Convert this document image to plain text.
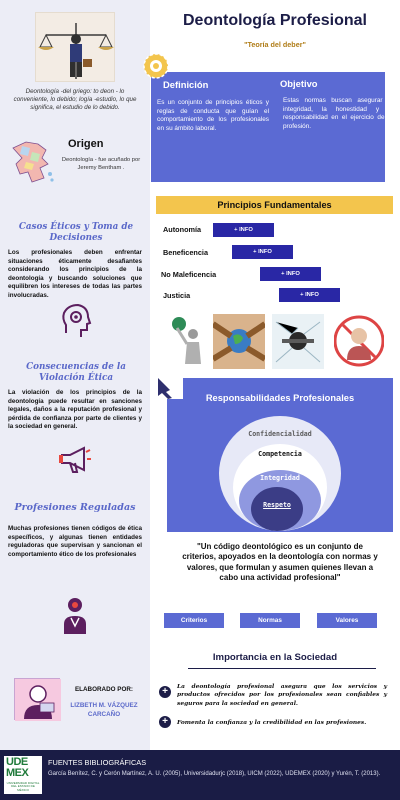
Deontología -del griego: to deon - lo conveniente, lo debido; logía -estudio, lo que significa, el estudio de lo debido.
Origen
Deontología - fue acuñado por Jeremy Bentham .
Casos Éticos y Toma de Decisiones
Los profesionales deben enfrentar situaciones éticamente desafiantes considerando los principios de la deontología y buscando soluciones que equilibren los intereses de todas las partes involucradas.
Consecuencias de la Violación Ética
La violación de los principios de la deontología puede resultar en sanciones legales, daños a la reputación profesional y pérdida de confianza por parte de clientes y la sociedad en general.
Profesiones Reguladas
Muchas profesiones tienen códigos de ética específicos, y algunas tienen entidades reguladoras que supervisan y sancionan el comportamiento ético de los profesionales
ELABORADO POR:
LIZBETH M. VÁZQUEZ CARCAÑO
Deontología Profesional
"Teoría del deber"
Definición
Es un conjunto de principios éticos y reglas de conducta que guían el comportamiento de los profesionales en su ámbito laboral.
Objetivo
Estas normas buscan asegurar la integridad, la honestidad y la responsabilidad en el ejercicio de la profesión.
Principios Fundamentales
Autonomía	+ INFO
Beneficencia	+ INFO
No Maleficencia	+ INFO
Justicia	+ INFO
Responsabilidades Profesionales
Confidencialidad
Competencia
Integridad
Respeto
"Un código deontológico es un conjunto de criterios, apoyados en la deontología con normas y valores, que formulan y asumen quienes llevan a cabo una actividad profesional"
Criterios	Normas	Valores
Importancia en la Sociedad
+	La deontología profesional asegura que los servicios y productos ofrecidos por los profesionales sean confiables y seguros para la sociedad en general.
+	Fomenta la confianza y la credibilidad en las profesiones.
UDE MEX
UNIVERSIDAD DIGITAL DEL ESTADO DE MÉXICO
FUENTES BIBLIOGRÁFICAS
García Benítez, C. y Cerón Martínez, A. U. (2005), Universidadurjc (2018), UICM (2022), UDEMEX (2020) y Yurén, T. (2013).
